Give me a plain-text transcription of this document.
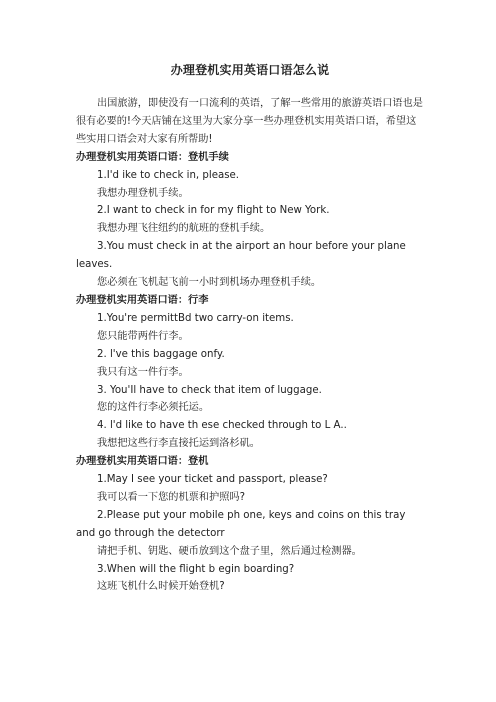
办理登机实用英语口语怎么说

出国旅游，即使没有一口流利的英语，了解一些常用的旅游英语口语也是很有必要的!今天店铺在这里为大家分享一些办理登机实用英语口语，希望这些实用口语会对大家有所帮助!

办理登机实用英语口语：登机手续

1.I'd ike to check in, please.

我想办理登机手续。

2.I want to check in for my flight to New York.

我想办理飞往纽约的航班的登机手续。

3.You must check in at the airport an hour before your plane leaves.

您必须在飞机起飞前一小时到机场办理登机手续。

办理登机实用英语口语：行李

1.You're permittBd two carry-on items.

您只能带两件行李。

2. l've this baggage onfy.

我只有这一件行李。

3. You'Il have to check that item of luggage.

您的这件行李必须托运。

4. l'd like to have th ese checked through to L A..

我想把这些行李直接托运到洛杉矶。

办理登机实用英语口语：登机

1.May I see your ticket and passport, please?

我可以看一下您的机票和护照吗?

2.Please put your mobile ph one, keys and coins on this tray and go through the detectorr

请把手机、钥匙、硬币放到这个盘子里，然后通过检测器。

3.When will the flight b egin boarding?

这班飞机什么时候开始登机?
